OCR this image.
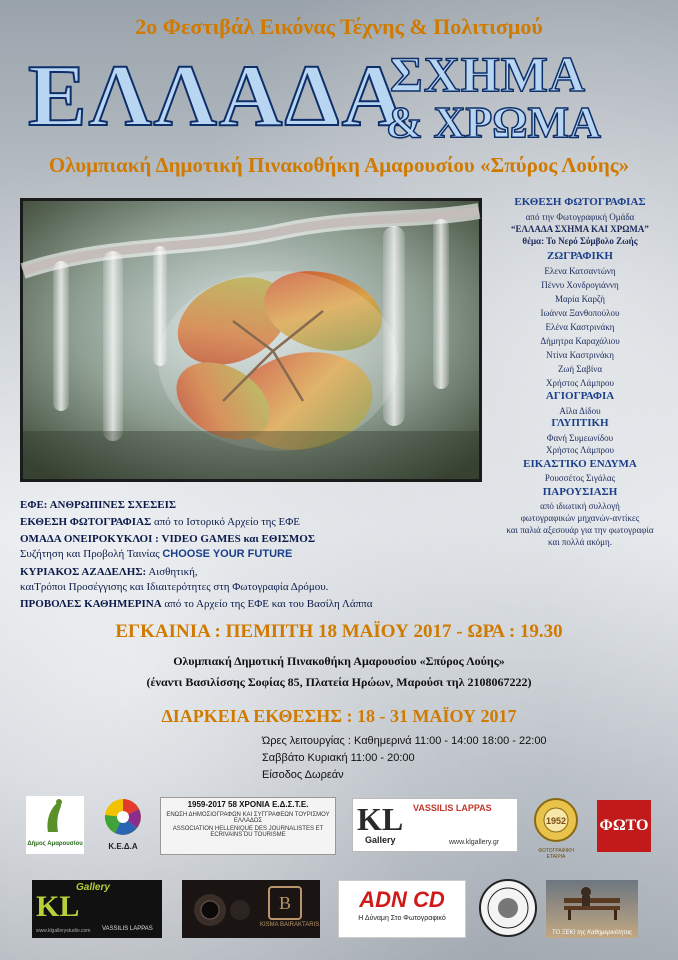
2ο Φεστιβάλ Εικόνας Τέχνης & Πολιτισμού
ΕΛΛΑΔΑ
ΣΧΗΜΑ
& ΧΡΩΜΑ
Ολυμπιακή Δημοτική Πινακοθήκη Αμαρουσίου «Σπύρος Λούης»
ΕΚΘΕΣΗ ΦΩΤΟΓΡΑΦΙΑΣ
από την Φωτογραφική Ομάδα
“ΕΛΛΑΔΑ ΣΧΗΜΑ ΚΑΙ ΧΡΩΜΑ”
θέμα: Το Νερό Σύμβολο Ζωής
ΖΩΓΡΑΦΙΚΗ
Ελενα Κατσαντώνη
Πέννυ Χονδρογιάννη
Μαρία Καρζή
Ιωάννα Ξανθοπούλου
Ελένα Καστρινάκη
Δήμητρα Καραχάλιου
Ντίνα Καστρινάκη
Ζωή Σαβίνα
Χρήστος Λάμπρου
ΑΓΙΟΓΡΑΦΙΑ
Αϊλα Δίδου
ΓΛΥΠΤΙΚΗ
Φανή Συμεωνίδου
Χρήστος Λάμπρου
ΕΙΚΑΣΤΙΚΟ ΕΝΔΥΜΑ
Ρουσσέτος Σιγάλας
ΠΑΡΟΥΣΙΑΣΗ
από ιδιωτική συλλογή
φωτογραφικών μηχανών-αντίκες
και παλιά αξεσουάρ για την φωτογραφία
και πολλά ακόμη.
ΕΦΕ: ΑΝΘΡΩΠΙΝΕΣ ΣΧΕΣΕΙΣ
ΕΚΘΕΣΗ ΦΩΤΟΓΡΑΦΙΑΣ από το Ιστορικό Αρχείο της ΕΦΕ
ΟΜΑΔΑ ΟΝΕΙΡΟΚΥΚΛΟΙ : VIDEO GAMES και ΕΘΙΣΜΟΣ
Συζήτηση και Προβολή Ταινίας CHOOSE YOUR FUTURE
ΚΥΡΙΑΚΟΣ ΑΖΑΔΕΛΗΣ: Αισθητική,
καιΤρόποι Προσέγγισης και Ιδιαιτερότητες στη Φωτογραφία Δρόμου.
ΠΡΟΒΟΛΕΣ ΚΑΘΗΜΕΡΙΝΑ από το Αρχείο της ΕΦΕ και του Βασίλη Λάππα
ΕΓΚΑΙΝΙΑ : ΠΕΜΠΤΗ 18 ΜΑΪΟΥ 2017 - ΩΡΑ : 19.30
Ολυμπιακή Δημοτική Πινακοθήκη Αμαρουσίου «Σπύρος Λούης»
(έναντι Βασιλίσσης Σοφίας 85, Πλατεία Ηρώων, Μαρούσι τηλ 2108067222)
ΔΙΑΡΚΕΙΑ ΕΚΘΕΣΗΣ : 18 - 31 ΜΑΪΟΥ 2017
Ώρες λειτουργίας : Καθημερινά 11:00 - 14:00 18:00 - 22:00
Σαββάτο Κυριακή 11:00 - 20:00
Είσοδος Δωρεάν
Δήμος Αμαρουσίου	Κ.Ε.Δ.Α
1959-2017 58 ΧΡΟΝΙΑ Ε.Δ.Σ.Τ.Ε.
ΕΝΩΣΗ ΔΗΜΟΣΙΟΓΡΑΦΩΝ ΚΑΙ ΣΥΓΓΡΑΦΕΩΝ ΤΟΥΡΙΣΜΟΥ ΕΛΛΑΔΟΣ
ASSOCIATION HELLENIQUE DES JOURNALISTES ET ECRIVAINS DU TOURISME	KL
Gallery
VASSILIS LAPPAS
www.klgallery.gr
1952
ΦΩΤΟΓΡΑΦΙΚΗ ΕΤΑΙΡΙΑ
ΦΩΤΟ
KL
Gallery
VASSILIS LAPPAS
www.klgallerystudio.com
B
KISMA BAIRAKTARIS
ADN CD
Η Δύναμη Στο Φωτογραφικό
ΤΟ ΞΕΚΙ της Καθημερινότητας
